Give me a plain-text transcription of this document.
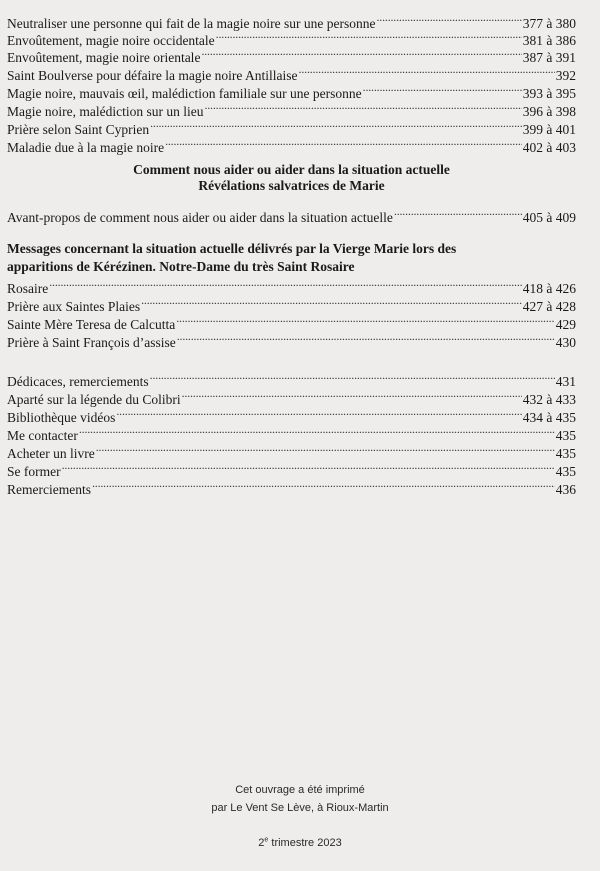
Neutraliser une personne qui fait de la magie noire sur une personne . . .	377 à 380
Envoûtement, magie noire occidentale . . .	381 à 386
Envoûtement, magie noire orientale . . .	387 à 391
Saint Boulverse pour défaire la magie noire Antillaise . . .	392
Magie noire, mauvais œil, malédiction familiale sur une personne . . .	393 à 395
Magie noire, malédiction sur un lieu . . .	396 à 398
Prière selon Saint Cyprien . . .	399 à 401
Maladie due à la magie noire . . .	402 à 403
Comment nous aider ou aider dans la situation actuelle
Révélations salvatrices de Marie
Avant-propos de comment nous aider ou aider dans la situation actuelle . . .	405 à 409
Messages concernant la situation actuelle délivrés par la Vierge Marie lors des
apparitions de Kérézinen. Notre-Dame du très Saint Rosaire
Rosaire . . .	418 à 426
Prière aux Saintes Plaies . . .	427 à 428
Sainte Mère Teresa de Calcutta . . .	429
Prière à Saint François d’assise . . .	430
Dédicaces, remerciements . . .	431
Aparté sur la légende du Colibri . . .	432 à 433
Bibliothèque vidéos . . .	434 à 435
Me contacter . . .	435
Acheter un livre . . .	435
Se former . . .	435
Remerciements . . .	436
Cet ouvrage a été imprimé
par Le Vent Se Lève, à Rioux-Martin
2e trimestre 2023
